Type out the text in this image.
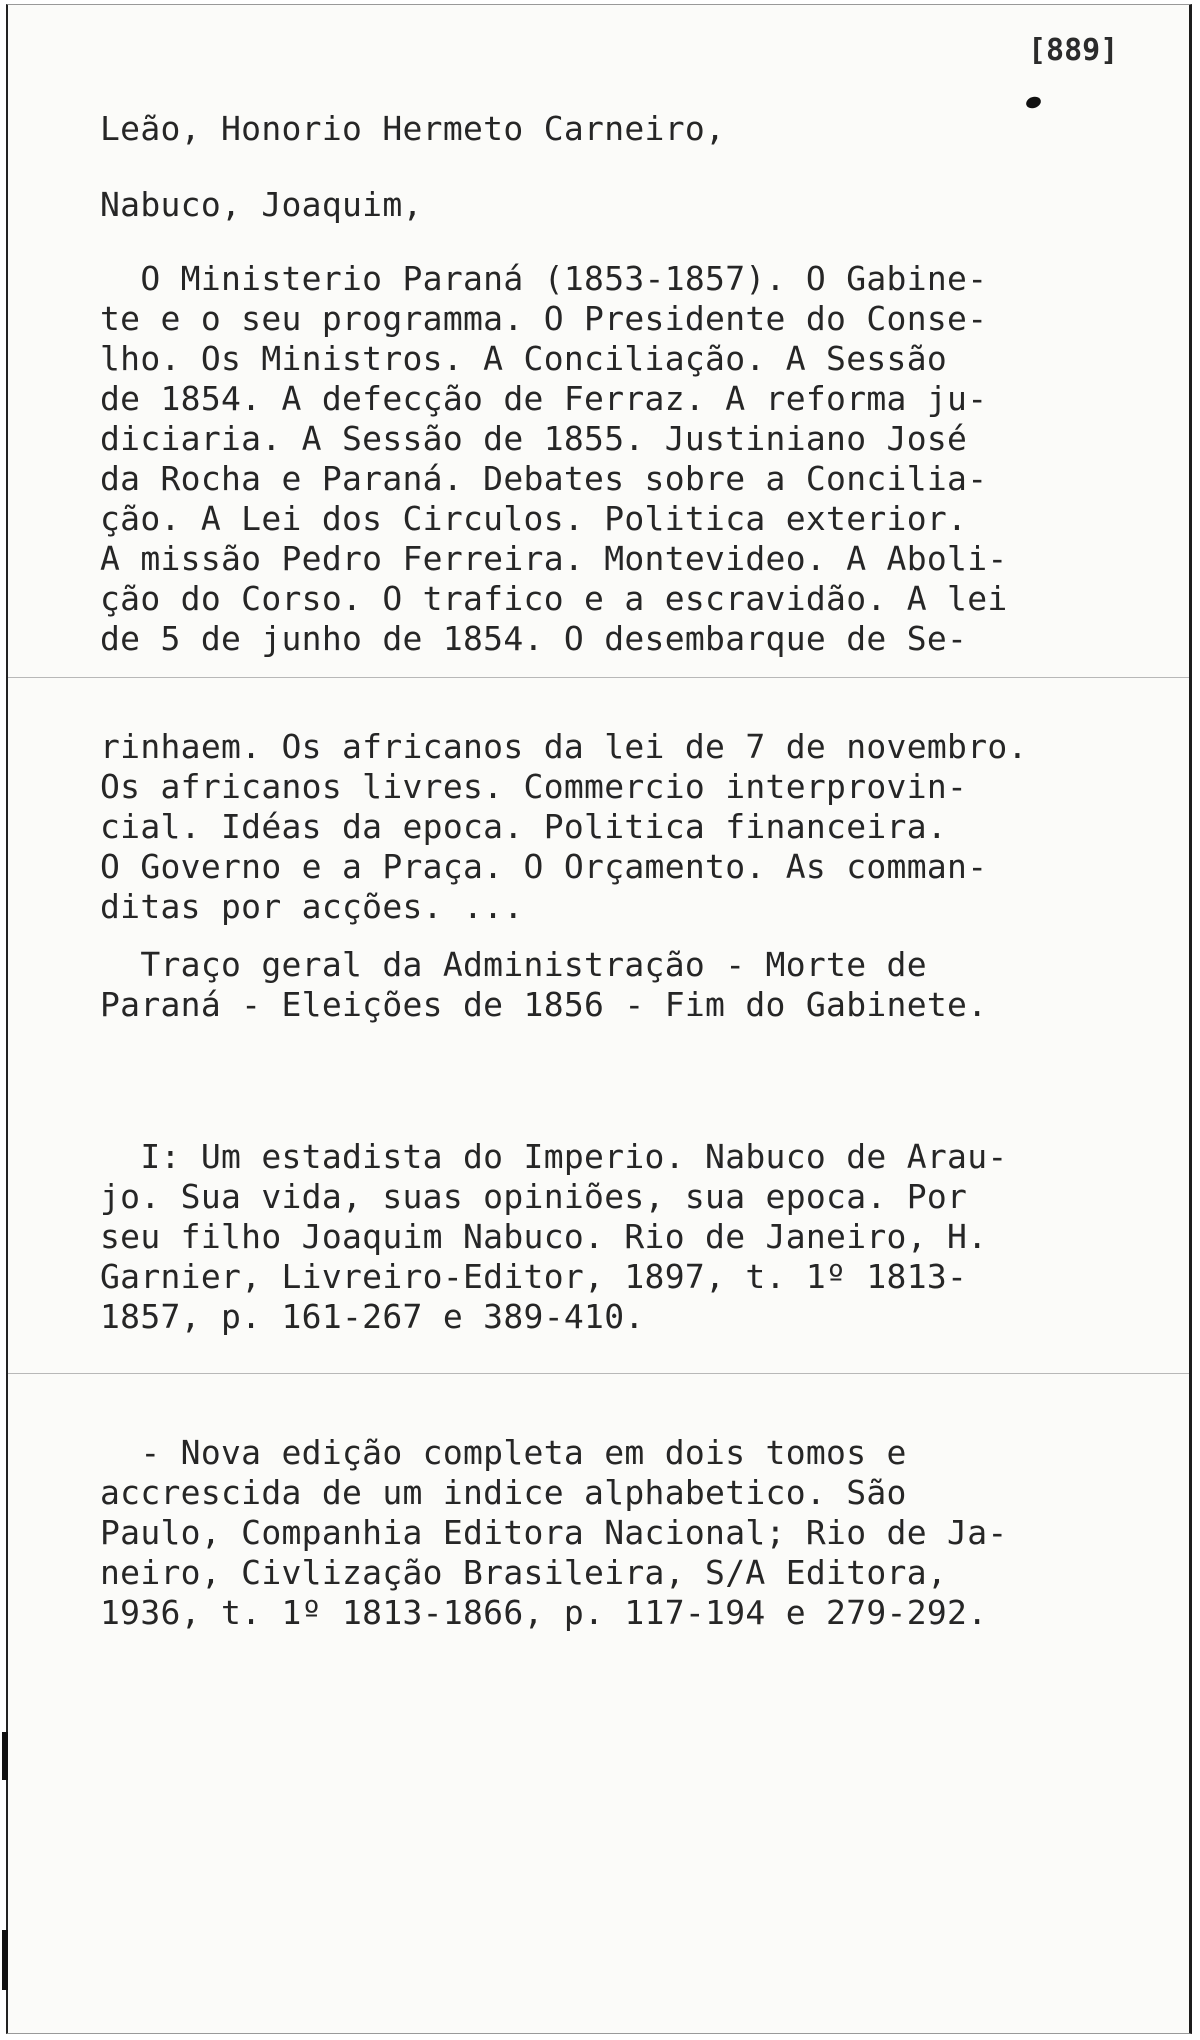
[889]
Leão, Honorio Hermeto Carneiro,
Nabuco, Joaquim,
O Ministerio Paraná (1853-1857). O Gabine-
te e o seu programma. O Presidente do Conse-
lho. Os Ministros. A Conciliação. A Sessão
de 1854. A defecção de Ferraz. A reforma ju-
diciaria. A Sessão de 1855. Justiniano José
da Rocha e Paraná. Debates sobre a Concilia-
ção. A Lei dos Circulos. Politica exterior.
A missão Pedro Ferreira. Montevideo. A Aboli-
ção do Corso. O trafico e a escravidão. A lei
de 5 de junho de 1854. O desembarque de Se-
rinhaem. Os africanos da lei de 7 de novembro.
Os africanos livres. Commercio interprovin-
cial. Idéas da epoca. Politica financeira.
O Governo e a Praça. O Orçamento. As comman-
ditas por acções. ...
Traço geral da Administração - Morte de
Paraná - Eleições de 1856 - Fim do Gabinete.
I: Um estadista do Imperio. Nabuco de Arau-
jo. Sua vida, suas opiniões, sua epoca. Por
seu filho Joaquim Nabuco. Rio de Janeiro, H.
Garnier, Livreiro-Editor, 1897, t. 1º 1813-
1857, p. 161-267 e 389-410.
- Nova edição completa em dois tomos e
accrescida de um indice alphabetico. São
Paulo, Companhia Editora Nacional; Rio de Ja-
neiro, Civlização Brasileira, S/A Editora,
1936, t. 1º 1813-1866, p. 117-194 e 279-292.
